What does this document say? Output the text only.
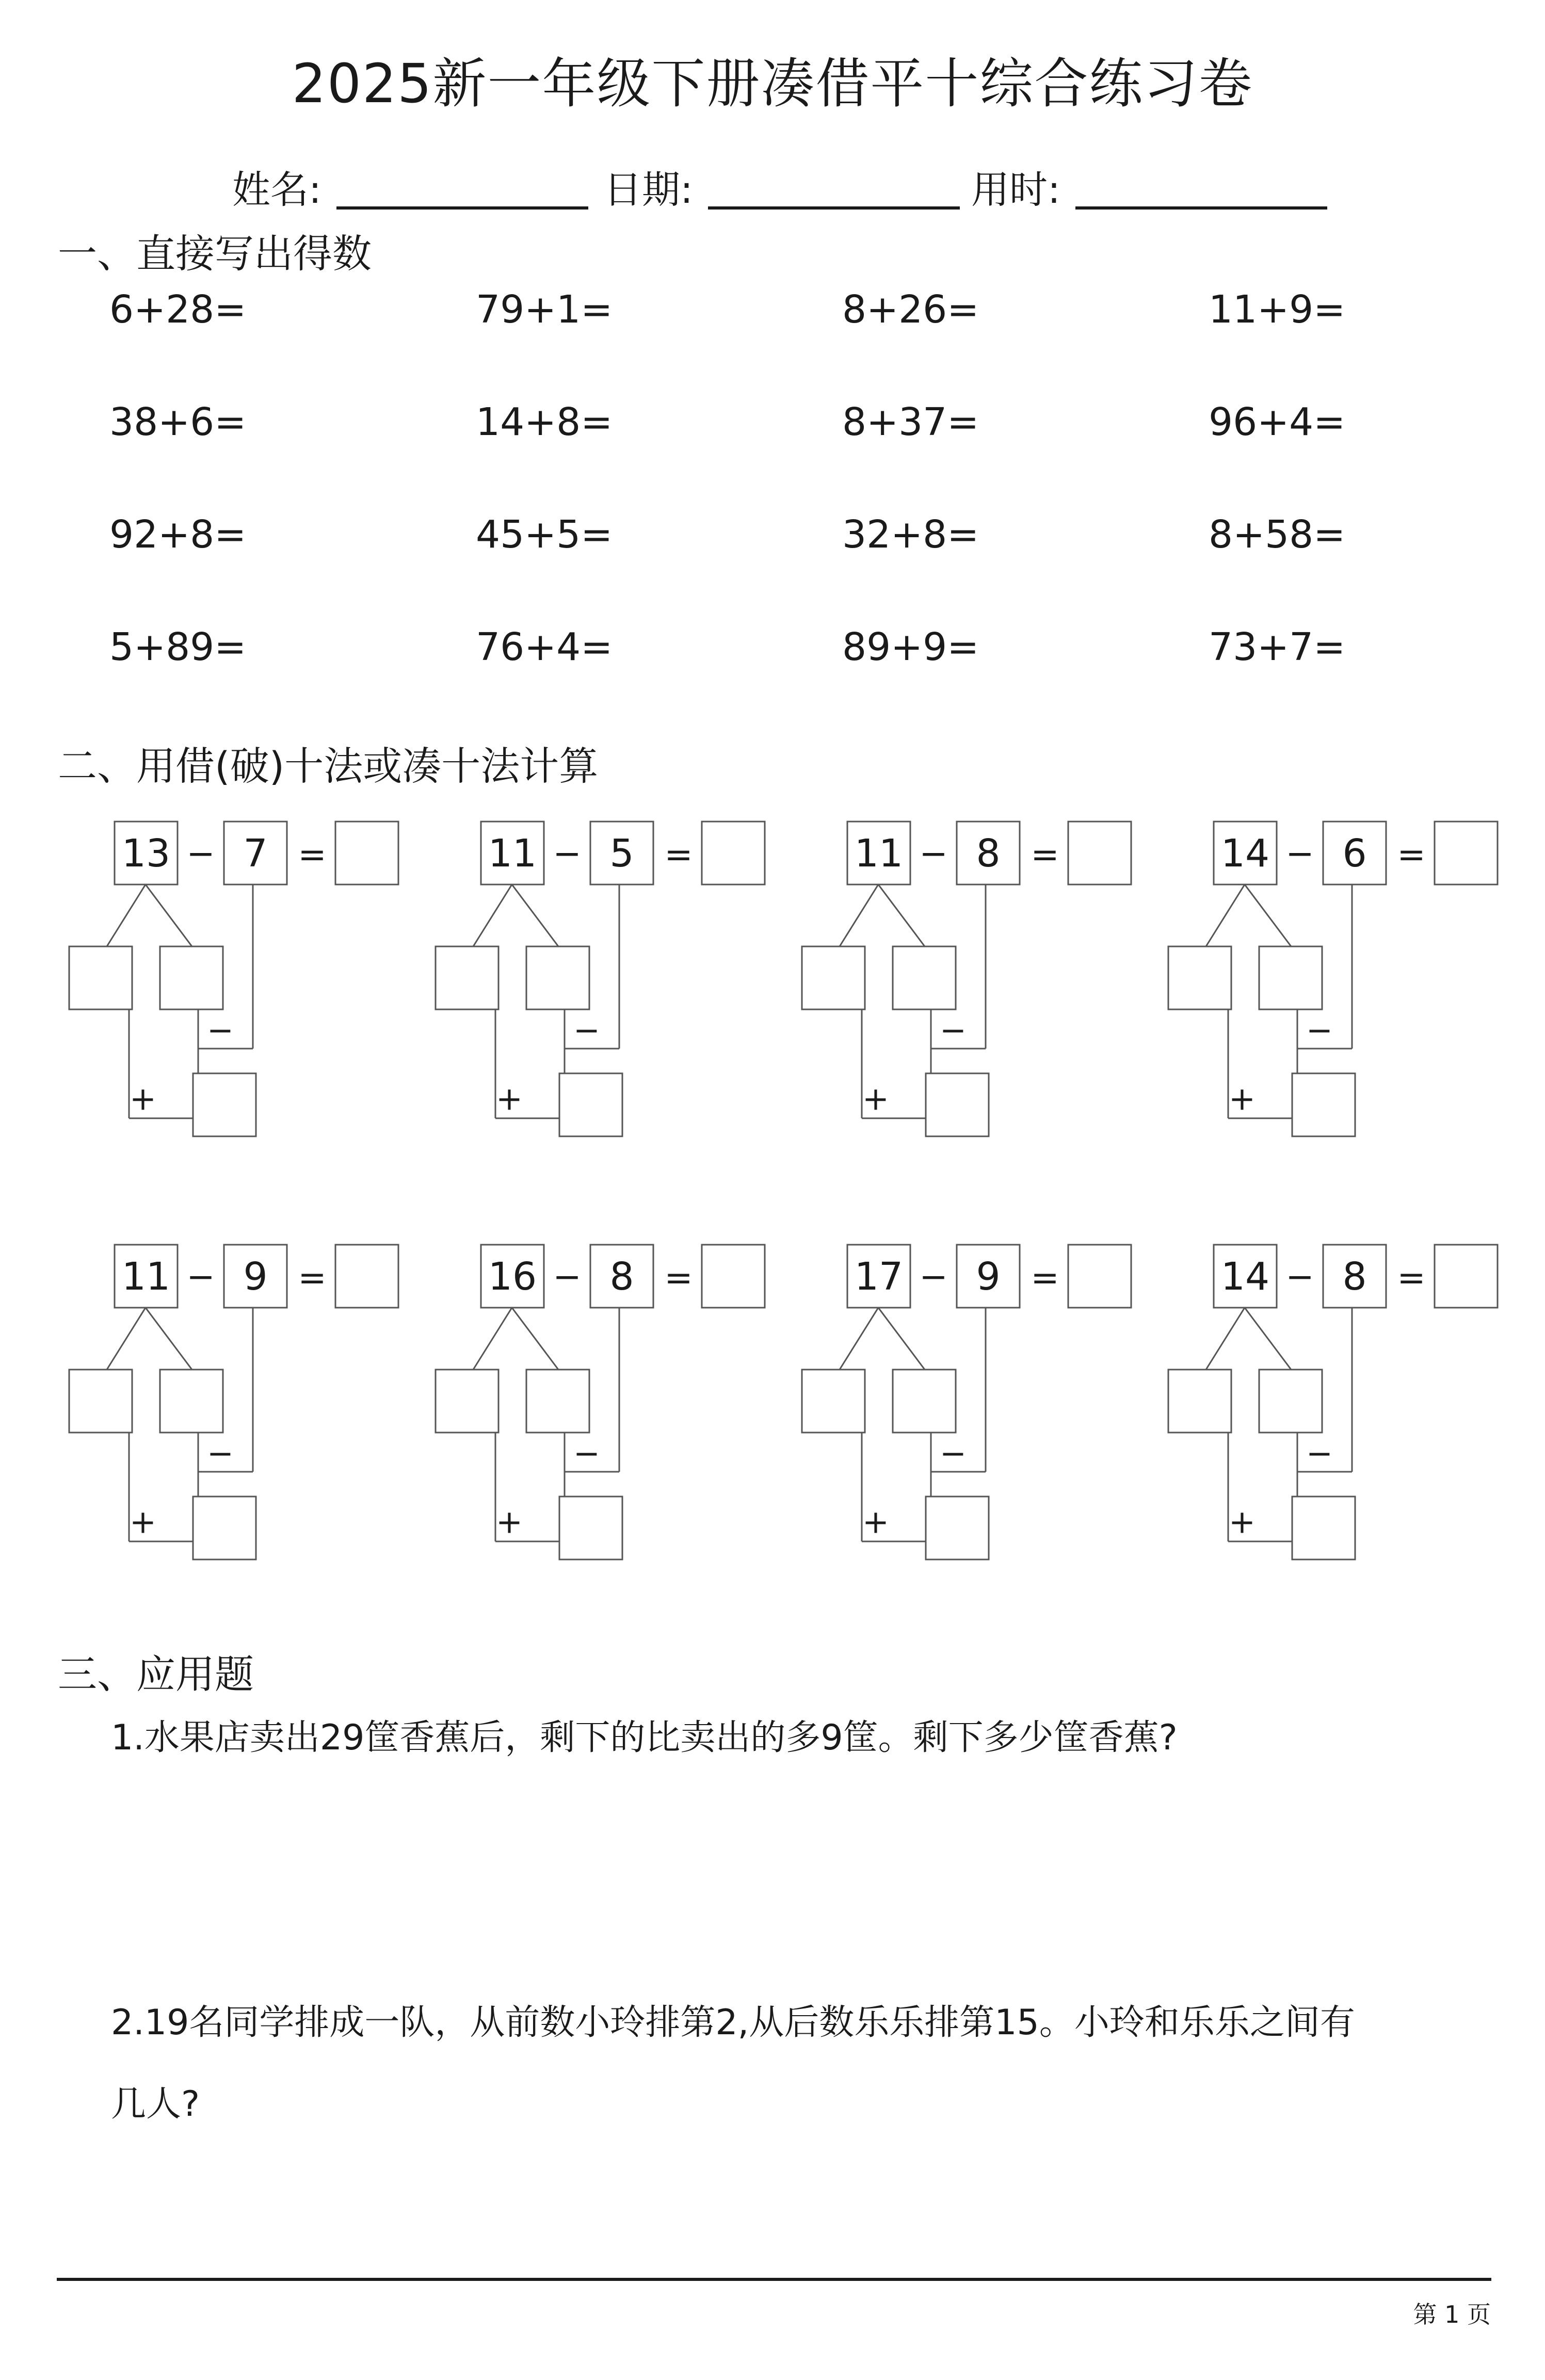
2025新一年级下册凑借平十综合练习卷
姓名:	日期:	用时:
一、直接写出得数
6+28=	79+1=	8+26=	11+9=
38+6=	14+8=	8+37=	96+4=
92+8=	45+5=	32+8=	8+58=
5+89=	76+4=	89+9=	73+7=
二、用借(破)十法或凑十法计算
13 − 7 =
−
+
11 − 5 =
−
+
11 − 8 =
−
+
14 − 6 =
−
+
11 − 9 =
−
+
16 − 8 =
−
+
17 − 9 =
−
+
14 − 8 =
−
+
三、应用题
1.水果店卖出29筐香蕉后，剩下的比卖出的多9筐。剩下多少筐香蕉?
2.19名同学排成一队，从前数小玲排第2,从后数乐乐排第15。小玲和乐乐之间有
几人?
第 1 页
